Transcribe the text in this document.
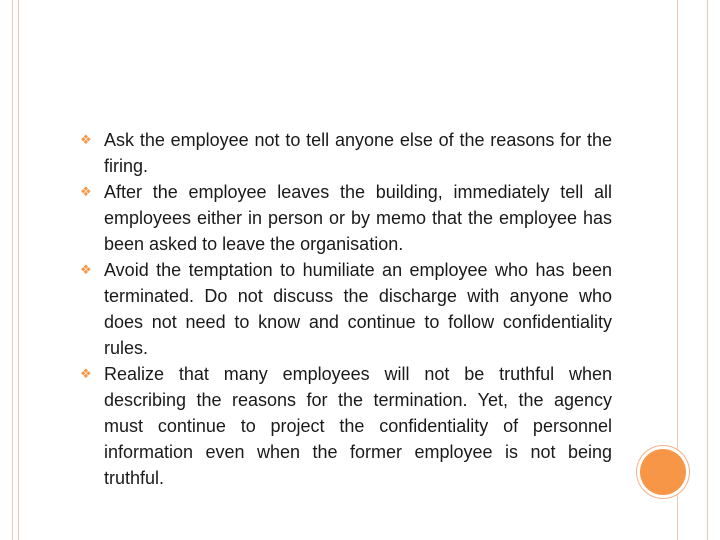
❖ Ask the employee not to tell anyone else of the reasons for the firing.

❖ After the employee leaves the building, immediately tell all employees either in person or by memo that the employee has been asked to leave the organisation.

❖ Avoid the temptation to humiliate an employee who has been terminated. Do not discuss the discharge with anyone who does not need to know and continue to follow confidentiality rules.

❖ Realize that many employees will not be truthful when describing the reasons for the termination. Yet, the agency must continue to project the confidentiality of personnel information even when the former employee is not being truthful.
